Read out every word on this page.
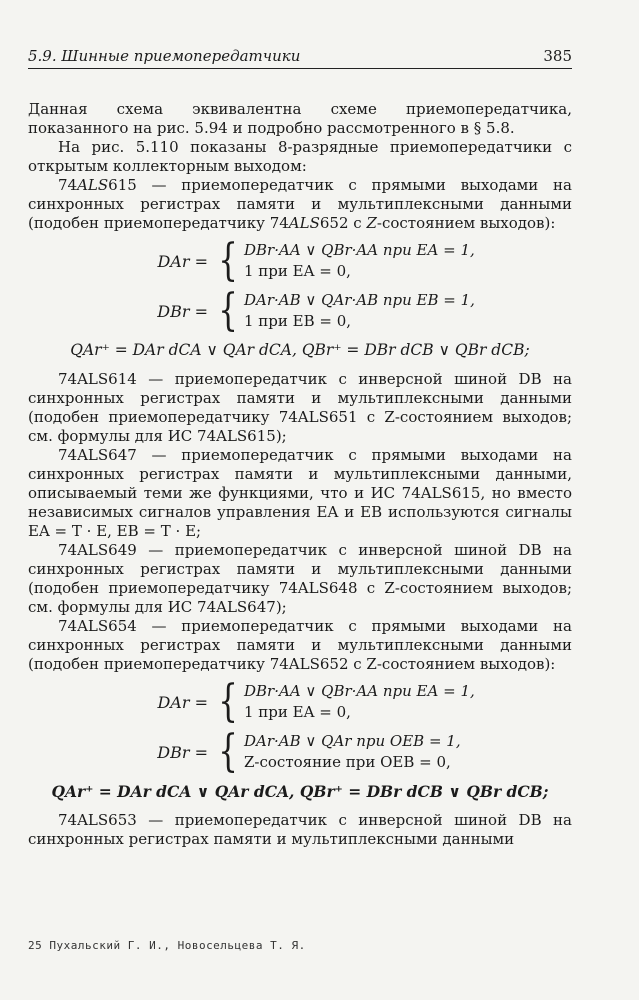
5.9. Шинные приемопередатчики	385

Данная схема эквивалентна схеме приемопередатчика, показанного на рис. 5.94 и подробно рассмотренного в § 5.8.

На рис. 5.110 показаны 8-разрядные приемопередатчики с открытым коллекторным выходом:

74ALS615 — приемопередатчик с прямыми выходами на синхронных регистрах памяти и мультиплексными данными (подобен приемопередатчику 74ALS652 с Z-состоянием выходов):

DAr = { DBr·AA ∨ QBr·AA при EA = 1,
1 при EA = 0,
DBr = { DAr·AB ∨ QAr·AB при EB = 1,
1 при EB = 0,
QAr⁺ = DAr dCA ∨ QAr dCA, QBr⁺ = DBr dCB ∨ QBr dCB;

74ALS614 — приемопередатчик с инверсной шиной DB на синхронных регистрах памяти и мультиплексными данными (подобен приемопередатчику 74ALS651 с Z-состоянием выходов; см. формулы для ИС 74ALS615);

74ALS647 — приемопередатчик с прямыми выходами на синхронных регистрах памяти и мультиплексными данными, описываемый теми же функциями, что и ИС 74ALS615, но вместо независимых сигналов управления EA и EB используются сигналы EA = T · E, EB = T · E;

74ALS649 — приемопередатчик с инверсной шиной DB на синхронных регистрах памяти и мультиплексными данными (подобен приемопередатчику 74ALS648 с Z-состоянием выходов; см. формулы для ИС 74ALS647);

74ALS654 — приемопередатчик с прямыми выходами на синхронных регистрах памяти и мультиплексными данными (подобен приемопередатчику 74ALS652 с Z-состоянием выходов):

DAr = { DBr·AA ∨ QBr·AA при EA = 1,
1 при EA = 0,
DBr = { DAr·AB ∨ QAr при OEB = 1,
Z-состояние при OEB = 0,
QAr⁺ = DAr dCA ∨ QAr dCA, QBr⁺ = DBr dCB ∨ QBr dCB;

74ALS653 — приемопередатчик с инверсной шиной DB на синхронных регистрах памяти и мультиплексными данными

25 Пухальский Г. И., Новосельцева Т. Я.
